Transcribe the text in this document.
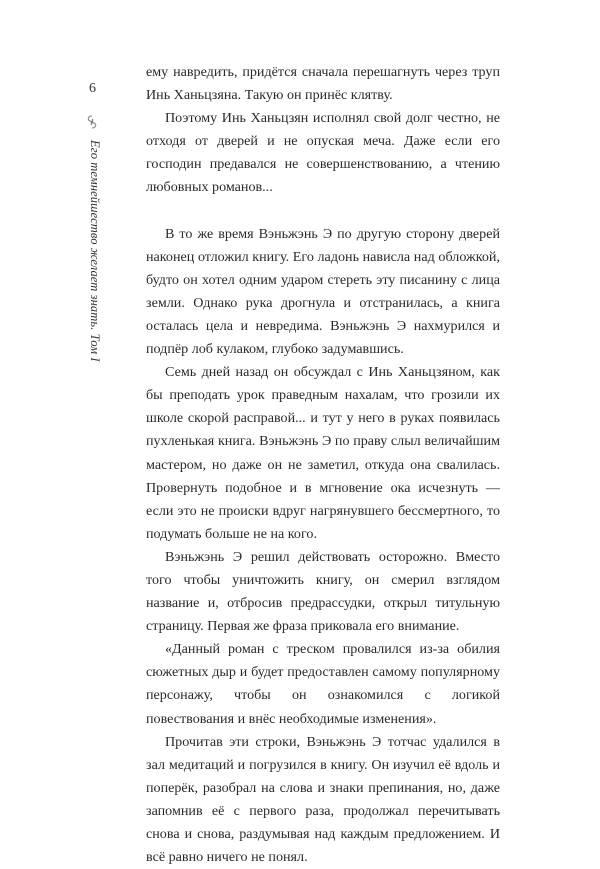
6
Его темнейшество желает знать. Том I

ему навредить, придётся сначала перешагнуть через труп Инь Ханьцзяна. Такую он принёс клятву.

Поэтому Инь Ханьцзян исполнял свой долг честно, не отходя от дверей и не опуская меча. Даже если его господин предавался не совершенствованию, а чтению любовных романов...

В то же время Вэньжэнь Э по другую сторону дверей наконец отложил книгу. Его ладонь нависла над обложкой, будто он хотел одним ударом стереть эту писанину с лица земли. Однако рука дрогнула и отстранилась, а книга осталась цела и невредима. Вэньжэнь Э нахмурился и подпёр лоб кулаком, глубоко задумавшись.

Семь дней назад он обсуждал с Инь Ханьцзяном, как бы преподать урок праведным нахалам, что грозили их школе скорой расправой... и тут у него в руках появилась пухленькая книга. Вэньжэнь Э по праву слыл величайшим мастером, но даже он не заметил, откуда она свалилась. Провернуть подобное и в мгновение ока исчезнуть — если это не происки вдруг нагрянувшего бессмертного, то подумать больше не на кого.

Вэньжэнь Э решил действовать осторожно. Вместо того чтобы уничтожить книгу, он смерил взглядом название и, отбросив предрассудки, открыл титульную страницу. Первая же фраза приковала его внимание.

«Данный роман с треском провалился из-за обилия сюжетных дыр и будет предоставлен самому популярному персонажу, чтобы он ознакомился с логикой повествования и внёс необходимые изменения».

Прочитав эти строки, Вэньжэнь Э тотчас удалился в зал медитаций и погрузился в книгу. Он изучил её вдоль и поперёк, разобрал на слова и знаки препинания, но, даже запомнив её с первого раза, продолжал перечитывать снова и снова, раздумывая над каждым предложением. И всё равно ничего не понял.
